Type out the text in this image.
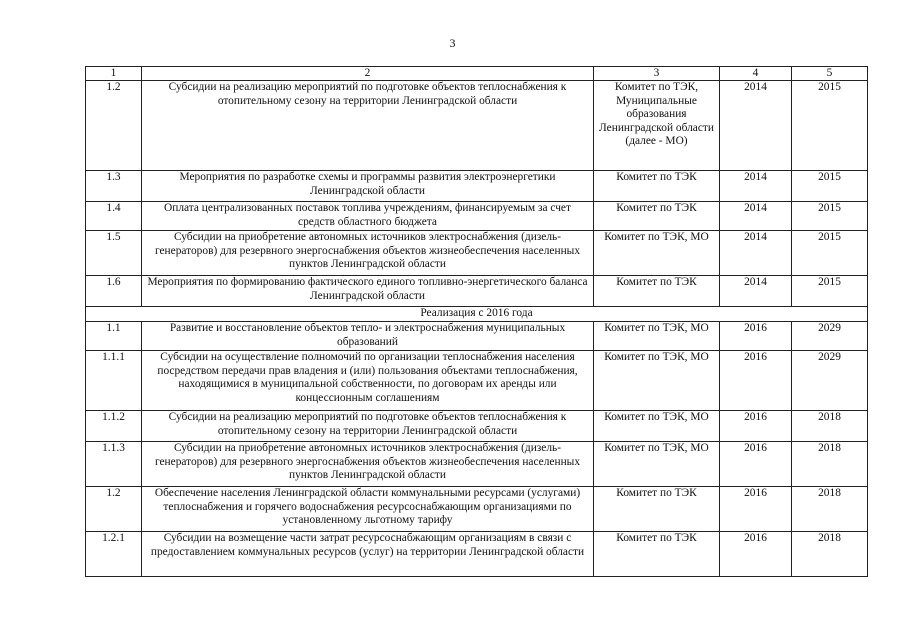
3
1	2	3	4	5
1.2	Субсидии на реализацию мероприятий по подготовке объектов теплоснабжения к отопительному сезону на территории Ленинградской области	Комитет по ТЭК, Муниципальные образования Ленинградской области (далее - МО)	2014	2015
1.3	Мероприятия по разработке схемы и программы развития электроэнергетики Ленинградской области	Комитет по ТЭК	2014	2015
1.4	Оплата централизованных поставок топлива учреждениям, финансируемым за счет средств областного бюджета	Комитет по ТЭК	2014	2015
1.5	Субсидии на приобретение автономных источников электроснабжения (дизель-генераторов) для резервного энергоснабжения объектов жизнеобеспечения населенных пунктов Ленинградской области	Комитет по ТЭК, МО	2014	2015
1.6	Мероприятия по формированию фактического единого топливно-энергетического баланса Ленинградской области	Комитет по ТЭК	2014	2015
Реализация с 2016 года				
1.1	Развитие и восстановление объектов тепло- и электроснабжения муниципальных образований	Комитет по ТЭК, МО	2016	2029
1.1.1	Субсидии на осуществление полномочий по организации теплоснабжения населения посредством передачи прав владения и (или) пользования объектами теплоснабжения, находящимися в муниципальной собственности, по договорам их аренды или концессионным соглашениям	Комитет по ТЭК, МО	2016	2029
1.1.2	Субсидии на реализацию мероприятий по подготовке объектов теплоснабжения к отопительному сезону на территории Ленинградской области	Комитет по ТЭК, МО	2016	2018
1.1.3	Субсидии на приобретение автономных источников электроснабжения (дизель-генераторов) для резервного энергоснабжения объектов жизнеобеспечения населенных пунктов Ленинградской области	Комитет по ТЭК, МО	2016	2018
1.2	Обеспечение населения Ленинградской области коммунальными ресурсами (услугами) теплоснабжения и горячего водоснабжения ресурсоснабжающим организациями по установленному льготному тарифу	Комитет по ТЭК	2016	2018
1.2.1	Субсидии на возмещение части затрат ресурсоснабжающим организациям в связи с предоставлением коммунальных ресурсов (услуг) на территории Ленинградской области	Комитет по ТЭК	2016	2018
